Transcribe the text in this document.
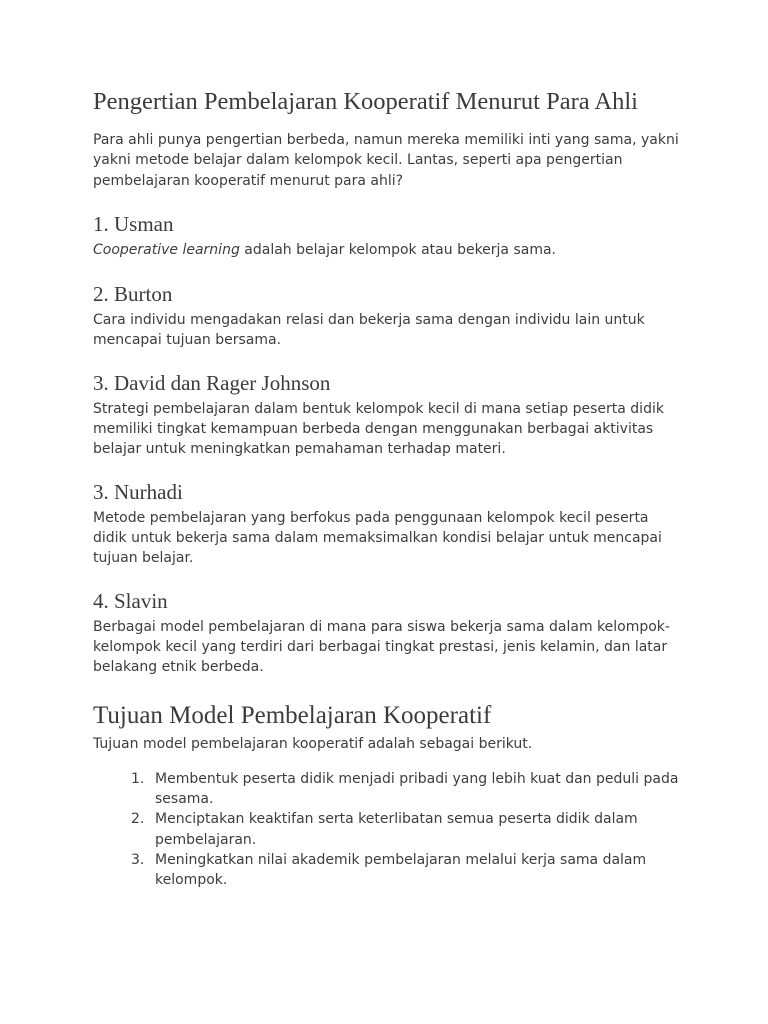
Pengertian Pembelajaran Kooperatif Menurut Para Ahli

Para ahli punya pengertian berbeda, namun mereka memiliki inti yang sama, yakni yakni metode belajar dalam kelompok kecil. Lantas, seperti apa pengertian pembelajaran kooperatif menurut para ahli?

1. Usman

Cooperative learning adalah belajar kelompok atau bekerja sama.

2. Burton

Cara individu mengadakan relasi dan bekerja sama dengan individu lain untuk mencapai tujuan bersama.

3. David dan Rager Johnson

Strategi pembelajaran dalam bentuk kelompok kecil di mana setiap peserta didik memiliki tingkat kemampuan berbeda dengan menggunakan berbagai aktivitas belajar untuk meningkatkan pemahaman terhadap materi.

3. Nurhadi

Metode pembelajaran yang berfokus pada penggunaan kelompok kecil peserta didik untuk bekerja sama dalam memaksimalkan kondisi belajar untuk mencapai tujuan belajar.

4. Slavin

Berbagai model pembelajaran di mana para siswa bekerja sama dalam kelompok-kelompok kecil yang terdiri dari berbagai tingkat prestasi, jenis kelamin, dan latar belakang etnik berbeda.

Tujuan Model Pembelajaran Kooperatif

Tujuan model pembelajaran kooperatif adalah sebagai berikut.

1. Membentuk peserta didik menjadi pribadi yang lebih kuat dan peduli pada sesama.
2. Menciptakan keaktifan serta keterlibatan semua peserta didik dalam pembelajaran.
3. Meningkatkan nilai akademik pembelajaran melalui kerja sama dalam kelompok.
